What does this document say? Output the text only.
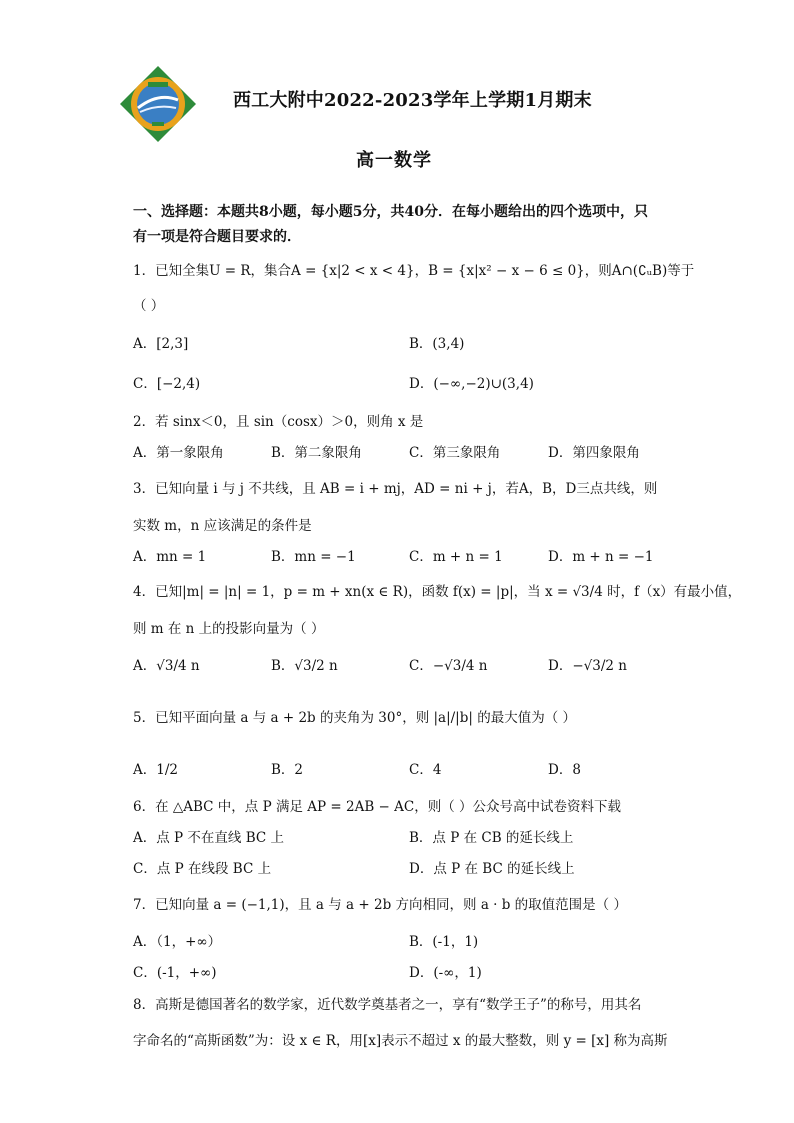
西工大附中2022-2023学年上学期1月期末
高一数学
一、选择题：本题共8小题，每小题5分，共40分．在每小题给出的四个选项中，只
有一项是符合题目要求的．
1．已知全集U = R，集合A = {x|2 < x < 4}，B = {x|x² − x − 6 ≤ 0}，则A∩(∁ᵤB)等于
（ ）
A．[2,3]	B．(3,4)
C．[−2,4)	D．(−∞,−2)∪(3,4)
2．若 sinx＜0，且 sin（cosx）＞0，则角 x 是
A．第一象限角	B．第二象限角	C．第三象限角	D．第四象限角
3．已知向量 i 与 j 不共线，且 AB = i + mj，AD = ni + j，若A，B，D三点共线，则
实数 m，n 应该满足的条件是
A．mn = 1	B．mn = −1	C．m + n = 1	D．m + n = −1
4．已知|m| = |n| = 1，p = m + xn(x ∈ R)，函数 f(x) = |p|，当 x = √3/4 时，f（x）有最小值，
则 m 在 n 上的投影向量为（ ）
A．√3/4 n	B．√3/2 n	C．−√3/4 n	D．−√3/2 n
5．已知平面向量 a 与 a + 2b 的夹角为 30°，则 |a|/|b| 的最大值为（ ）
A．1/2	B．2	C．4	D．8
6．在 △ABC 中，点 P 满足 AP = 2AB − AC，则（ ）公众号高中试卷资料下载
A．点 P 不在直线 BC 上	B．点 P 在 CB 的延长线上
C．点 P 在线段 BC 上	D．点 P 在 BC 的延长线上
7．已知向量 a = (−1,1)，且 a 与 a + 2b 方向相同，则 a · b 的取值范围是（ ）
A．（1，+∞）	B．(-1，1)
C．(-1，+∞)	D．(-∞，1)
8．高斯是德国著名的数学家，近代数学奠基者之一，享有“数学王子”的称号，用其名
字命名的“高斯函数”为：设 x ∈ R，用[x]表示不超过 x 的最大整数，则 y = [x] 称为高斯
